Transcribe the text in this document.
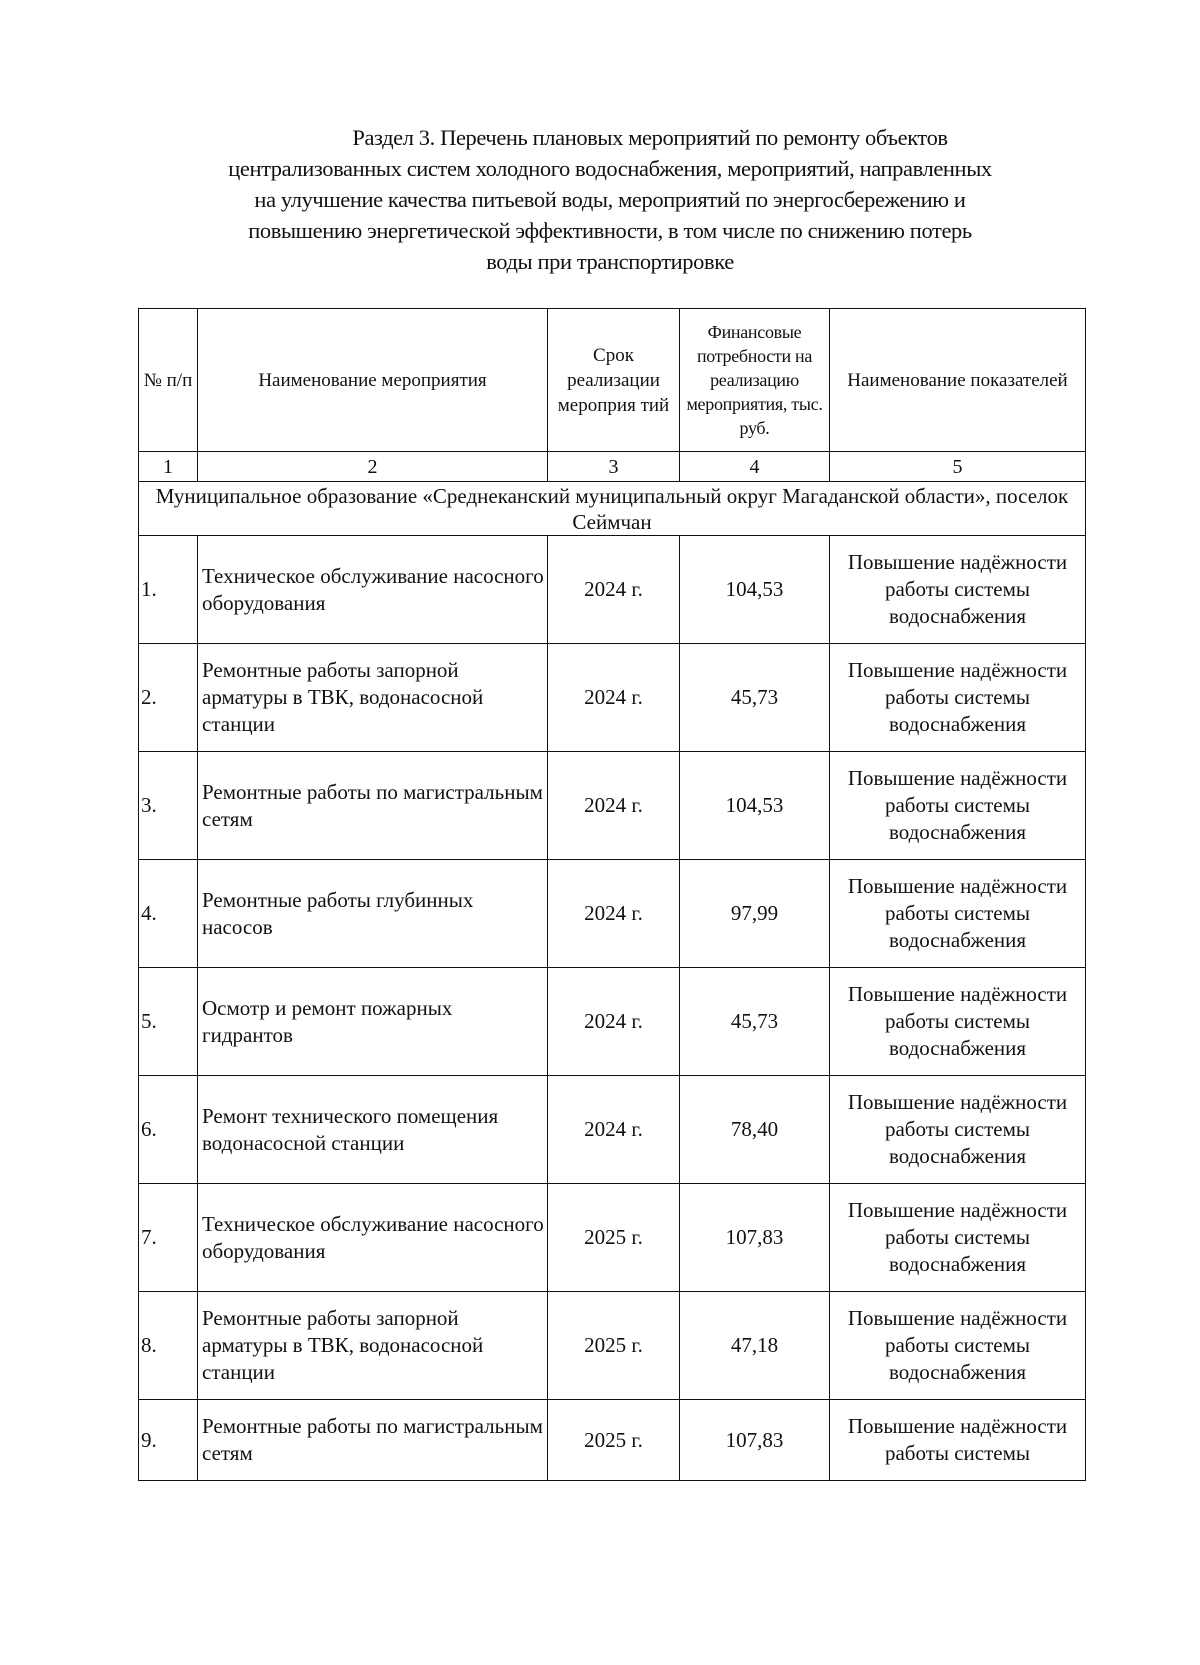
Раздел 3. Перечень плановых мероприятий по ремонту объектов
централизованных систем холодного водоснабжения, мероприятий, направленных
на улучшение качества питьевой воды, мероприятий по энергосбережению и
повышению энергетической эффективности, в том числе по снижению потерь
воды при транспортировке
№ п/п	Наименование мероприятия	Срок реализации мероприя тий	Финансовые потребности на реализацию мероприятия, тыс. руб.	Наименование показателей
1	2	3	4	5
Муниципальное образование «Среднеканский муниципальный округ Магаданской области», поселок Сеймчан				
1.	Техническое обслуживание насосного оборудования	2024 г.	104,53	Повышение надёжности работы системы водоснабжения
2.	Ремонтные работы запорной арматуры в ТВК, водонасосной станции	2024 г.	45,73	Повышение надёжности работы системы водоснабжения
3.	Ремонтные работы по магистральным сетям	2024 г.	104,53	Повышение надёжности работы системы водоснабжения
4.	Ремонтные работы глубинных насосов	2024 г.	97,99	Повышение надёжности работы системы водоснабжения
5.	Осмотр и ремонт пожарных гидрантов	2024 г.	45,73	Повышение надёжности работы системы водоснабжения
6.	Ремонт технического помещения водонасосной станции	2024 г.	78,40	Повышение надёжности работы системы водоснабжения
7.	Техническое обслуживание насосного оборудования	2025 г.	107,83	Повышение надёжности работы системы водоснабжения
8.	Ремонтные работы запорной арматуры в ТВК, водонасосной станции	2025 г.	47,18	Повышение надёжности работы системы водоснабжения
9.	Ремонтные работы по магистральным сетям	2025 г.	107,83	Повышение надёжности работы системы
